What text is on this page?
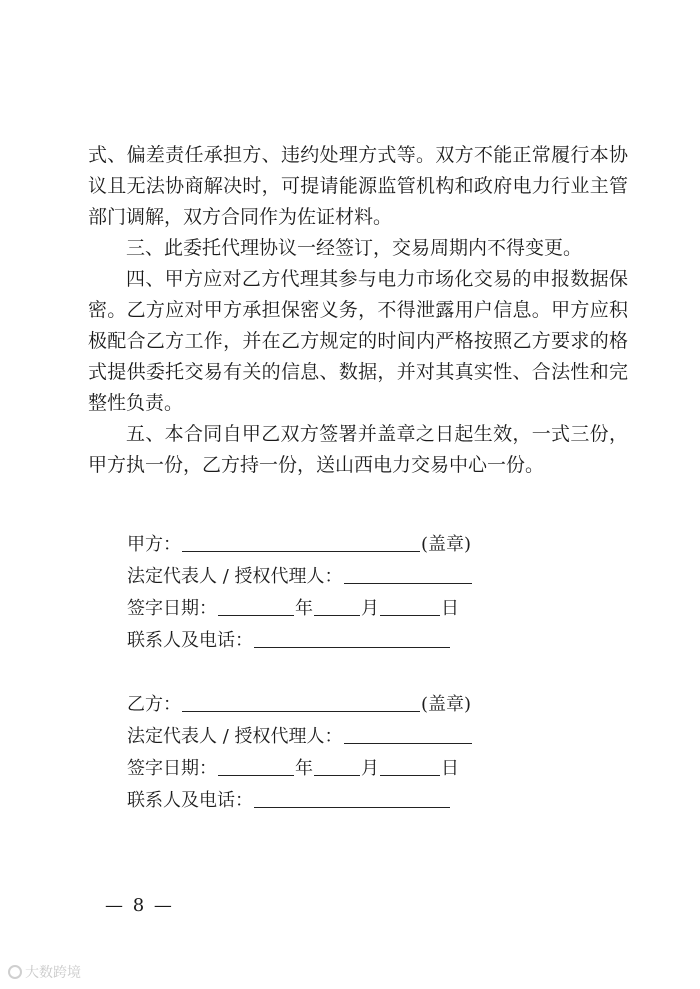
式、偏差责任承担方、违约处理方式等。双方不能正常履行本协议且无法协商解决时，可提请能源监管机构和政府电力行业主管部门调解，双方合同作为佐证材料。

三、此委托代理协议一经签订，交易周期内不得变更。

四、甲方应对乙方代理其参与电力市场化交易的申报数据保密。乙方应对甲方承担保密义务，不得泄露用户信息。甲方应积极配合乙方工作，并在乙方规定的时间内严格按照乙方要求的格式提供委托交易有关的信息、数据，并对其真实性、合法性和完整性负责。

五、本合同自甲乙双方签署并盖章之日起生效，一式三份，甲方执一份，乙方持一份，送山西电力交易中心一份。

甲方：	(盖章)
法定代表人 / 授权代理人：
签字日期：	年	月	日
联系人及电话：
乙方：	(盖章)
法定代表人 / 授权代理人：
签字日期：	年	月	日
联系人及电话：
— 8 —
大数跨境
